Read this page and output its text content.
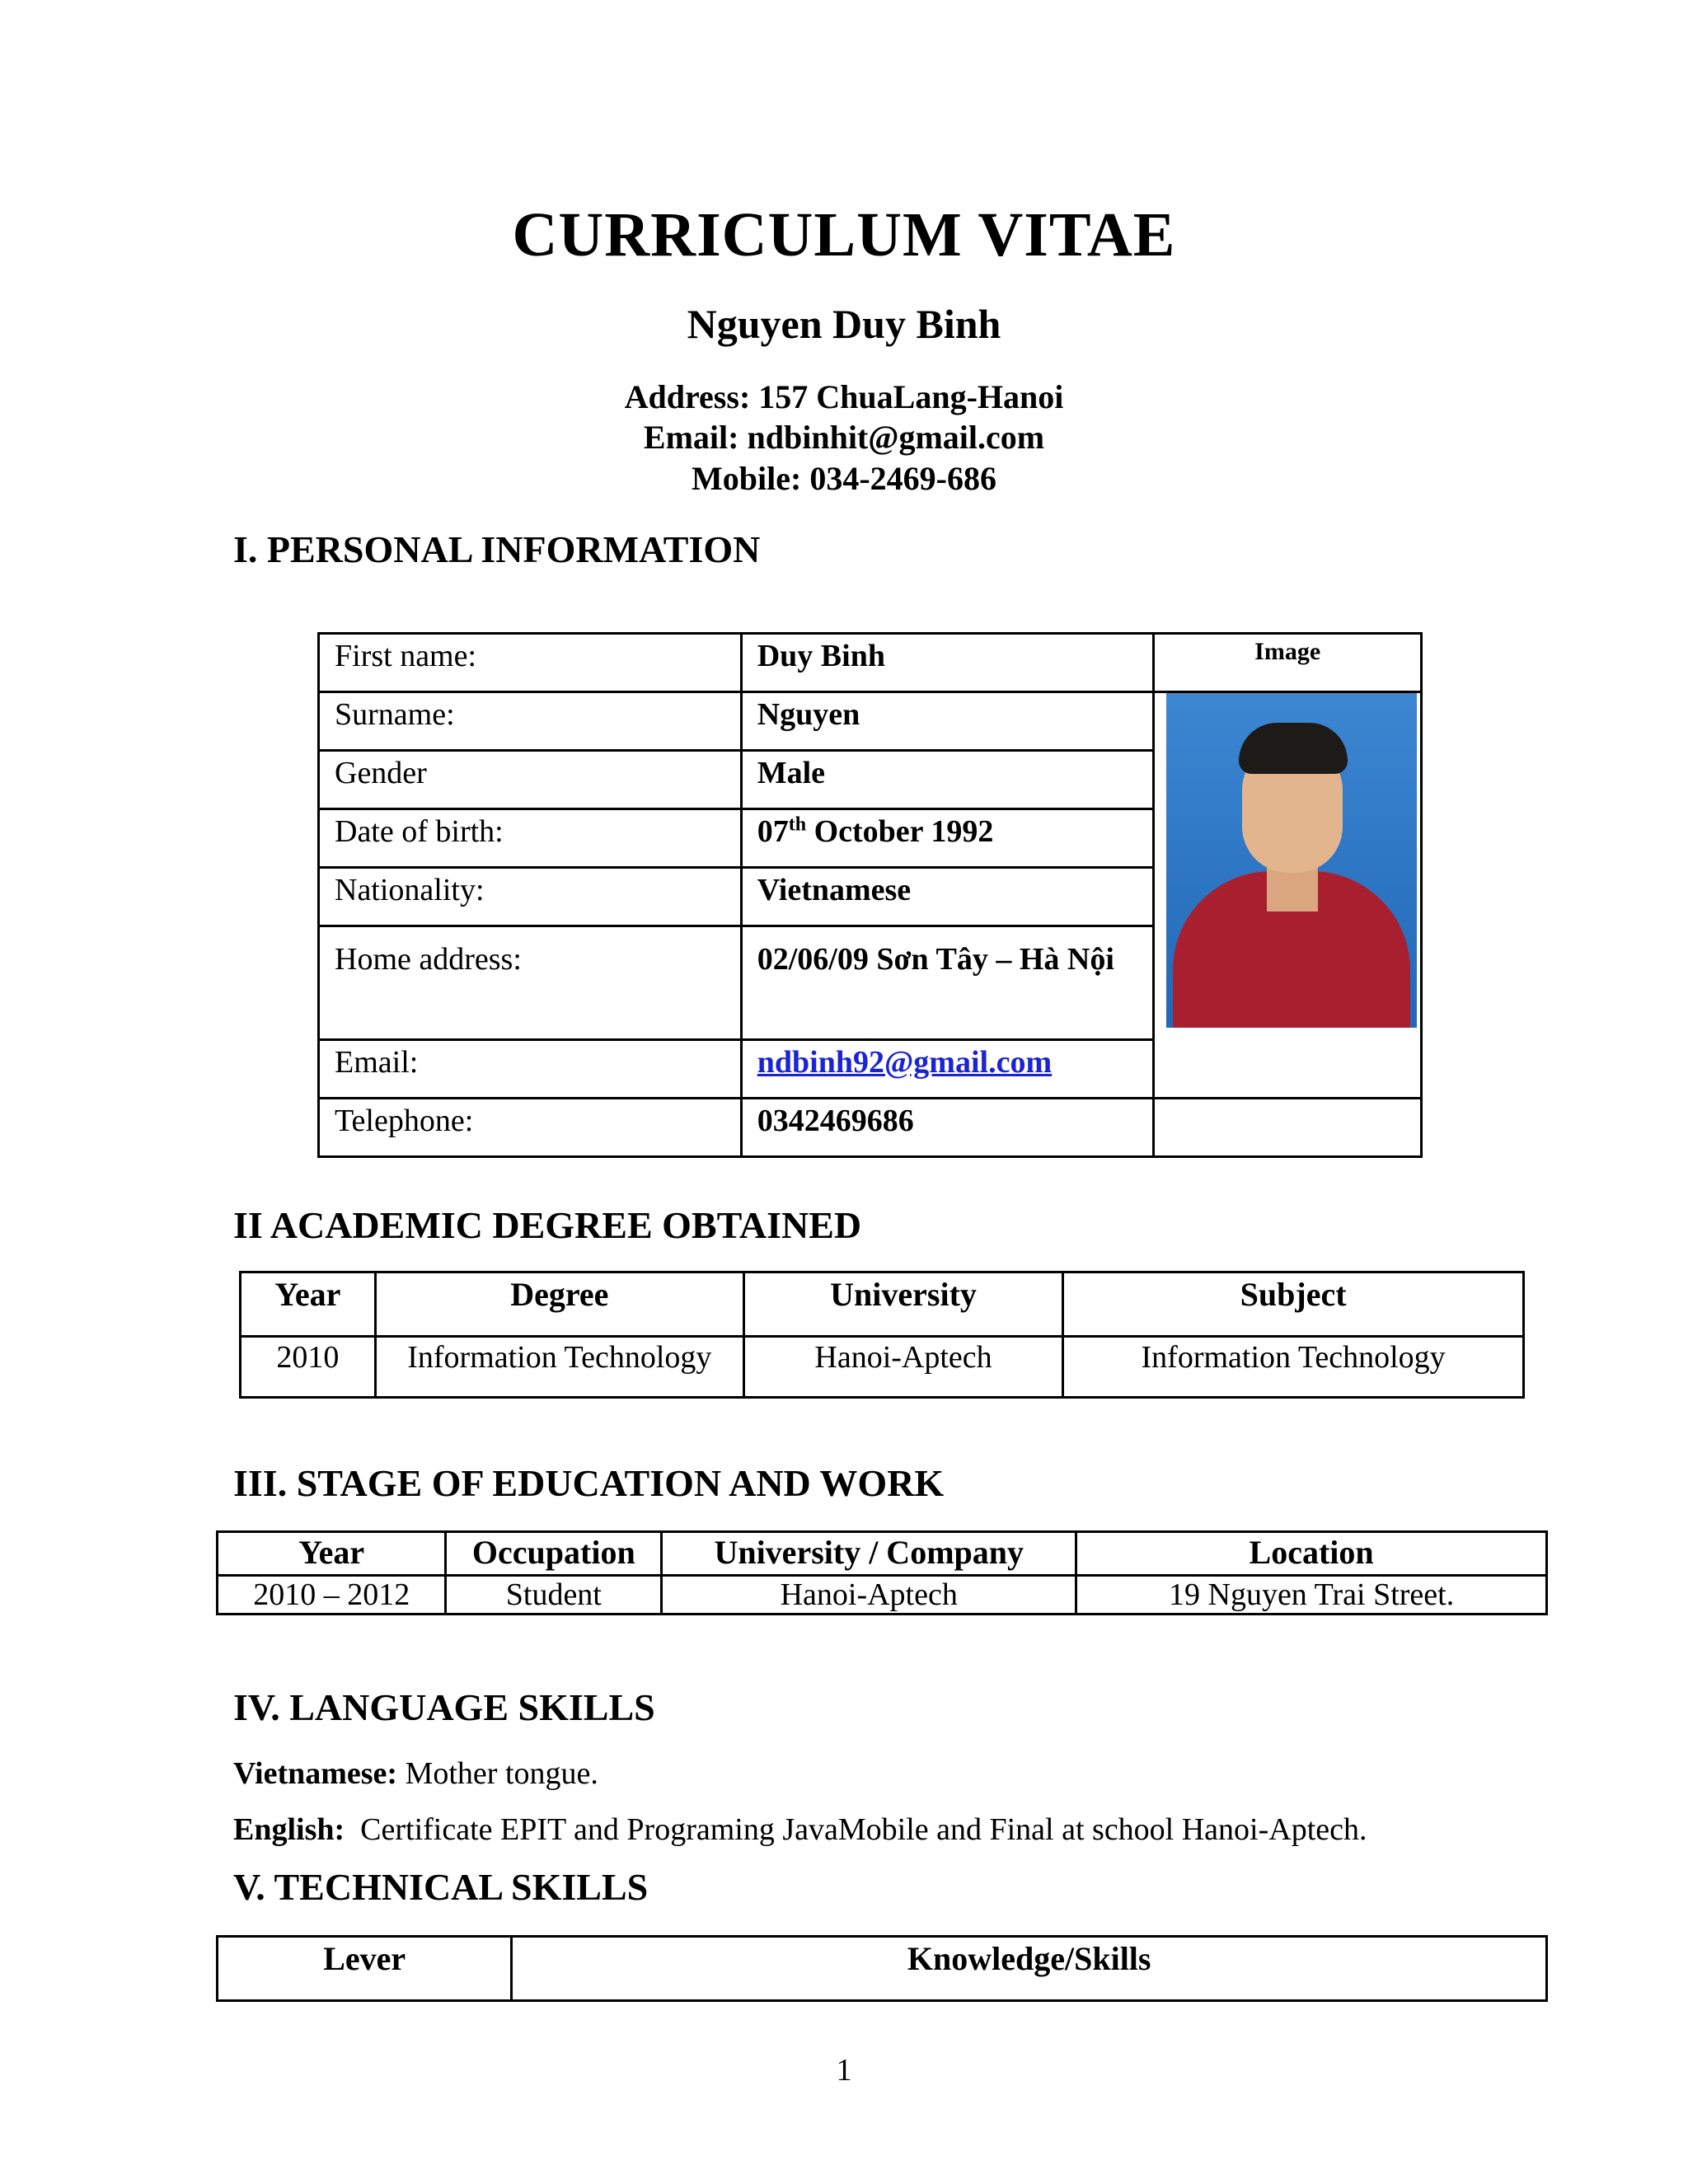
CURRICULUM VITAE
Nguyen Duy Binh
Address: 157 ChuaLang-Hanoi
Email: ndbinhit@gmail.com
Mobile: 034-2469-686
I. PERSONAL INFORMATION
First name:	Duy Binh	Image

Surname:	Nguyen	

Gender	Male	
Date of birth:	07th October 1992	
Nationality:	Vietnamese	
Home address:	02/06/09 Sơn Tây – Hà Nội	
Email:	ndbinh92@gmail.com	
Telephone:	0342469686	
II ACADEMIC DEGREE OBTAINED
Year	Degree	University	Subject
2010	Information Technology	Hanoi-Aptech	Information Technology
III. STAGE OF EDUCATION AND WORK
Year	Occupation	University / Company	Location
2010 – 2012	Student	Hanoi-Aptech	19 Nguyen Trai Street.
IV. LANGUAGE SKILLS
Vietnamese: Mother tongue.
English:  Certificate EPIT and Programing JavaMobile and Final at school Hanoi-Aptech.
V. TECHNICAL SKILLS
Lever	Knowledge/Skills
1
